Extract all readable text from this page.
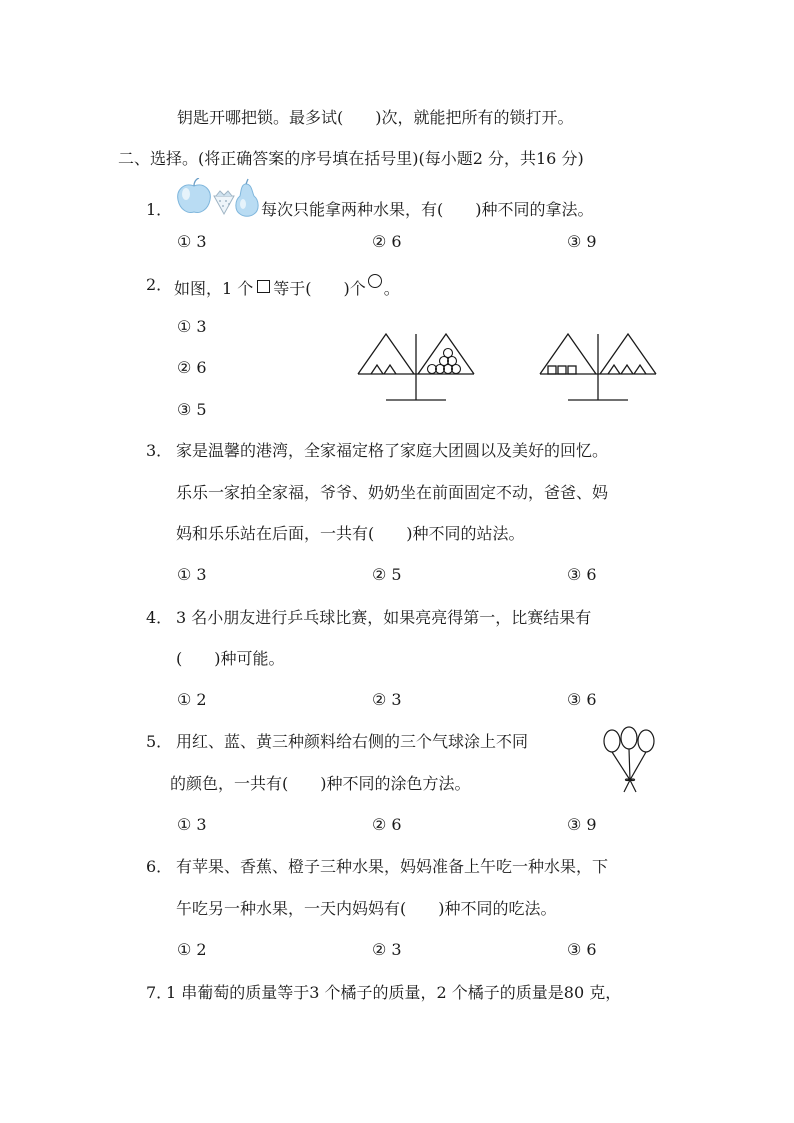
钥匙开哪把锁。最多试(　　)次，就能把所有的锁打开。
二、选择。(将正确答案的序号填在括号里)(每小题2 分，共16 分)
1．	每次只能拿两种水果，有(　　)种不同的拿法。
① 3	② 6	③ 9
2． 如图，1 个 等于(　　)个 。
① 3
② 6
③ 5
3． 家是温馨的港湾，全家福定格了家庭大团圆以及美好的回忆。
乐乐一家拍全家福，爷爷、奶奶坐在前面固定不动，爸爸、妈
妈和乐乐站在后面，一共有(　　)种不同的站法。
① 3	② 5	③ 6
4． 3 名小朋友进行乒乓球比赛，如果亮亮得第一，比赛结果有
(　　)种可能。
① 2	② 3	③ 6
5． 用红、蓝、黄三种颜料给右侧的三个气球涂上不同
的颜色，一共有(　　)种不同的涂色方法。
① 3	② 6	③ 9
6． 有苹果、香蕉、橙子三种水果，妈妈准备上午吃一种水果，下
午吃另一种水果，一天内妈妈有(　　)种不同的吃法。
① 2	② 3	③ 6
7．
1 串葡萄的质量等于3 个橘子的质量，2 个橘子的质量是80 克，
